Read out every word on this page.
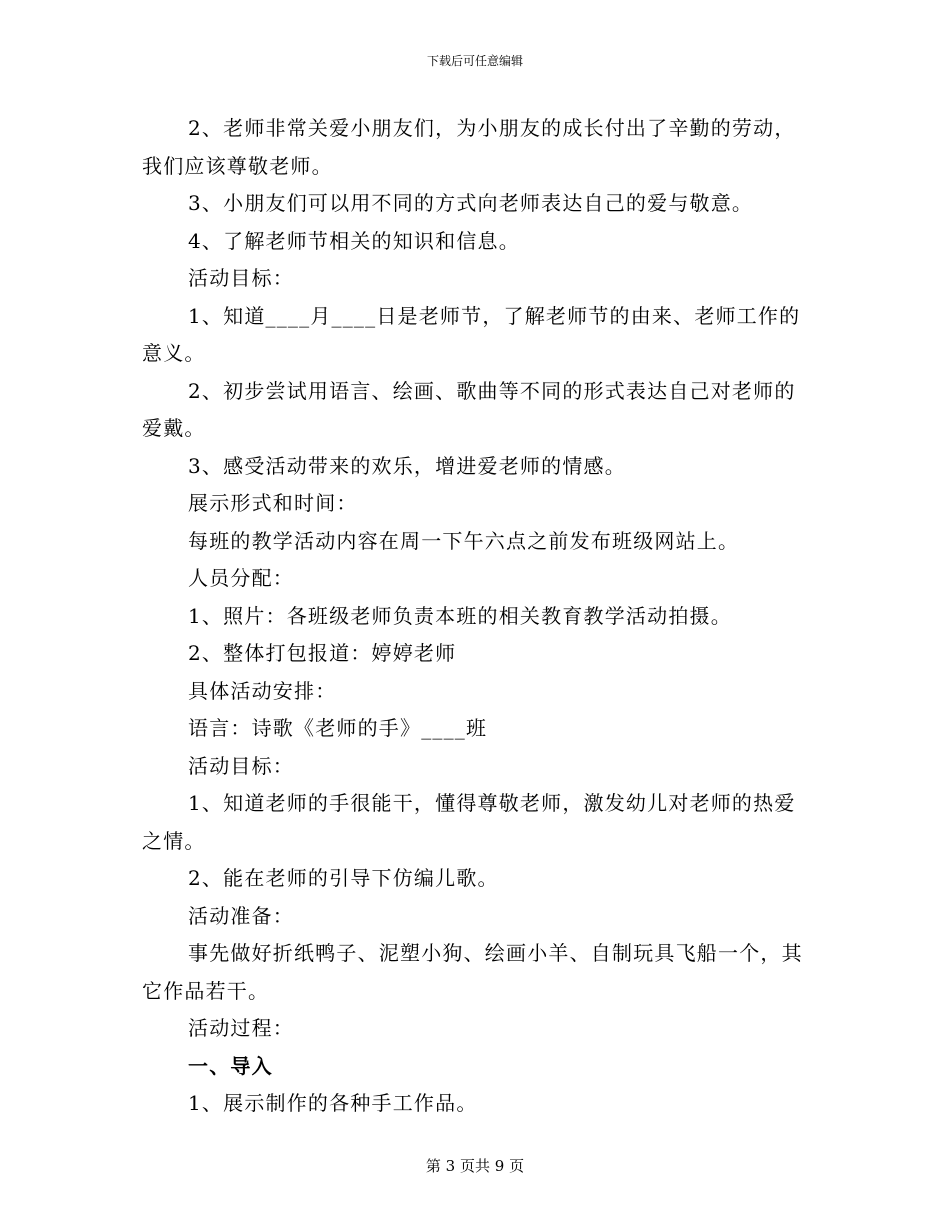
下载后可任意编辑

2、老师非常关爱小朋友们，为小朋友的成长付出了辛勤的劳动，我们应该尊敬老师。

3、小朋友们可以用不同的方式向老师表达自己的爱与敬意。

4、了解老师节相关的知识和信息。

活动目标：

1、知道____月____日是老师节，了解老师节的由来、老师工作的意义。

2、初步尝试用语言、绘画、歌曲等不同的形式表达自己对老师的爱戴。

3、感受活动带来的欢乐，增进爱老师的情感。

展示形式和时间：

每班的教学活动内容在周一下午六点之前发布班级网站上。

人员分配：

1、照片：各班级老师负责本班的相关教育教学活动拍摄。

2、整体打包报道：婷婷老师

具体活动安排：

语言：诗歌《老师的手》____班

活动目标：

1、知道老师的手很能干，懂得尊敬老师，激发幼儿对老师的热爱之情。

2、能在老师的引导下仿编儿歌。

活动准备：

事先做好折纸鸭子、泥塑小狗、绘画小羊、自制玩具飞船一个，其它作品若干。

活动过程：

一、导入

1、展示制作的各种手工作品。

第 3 页共 9 页
